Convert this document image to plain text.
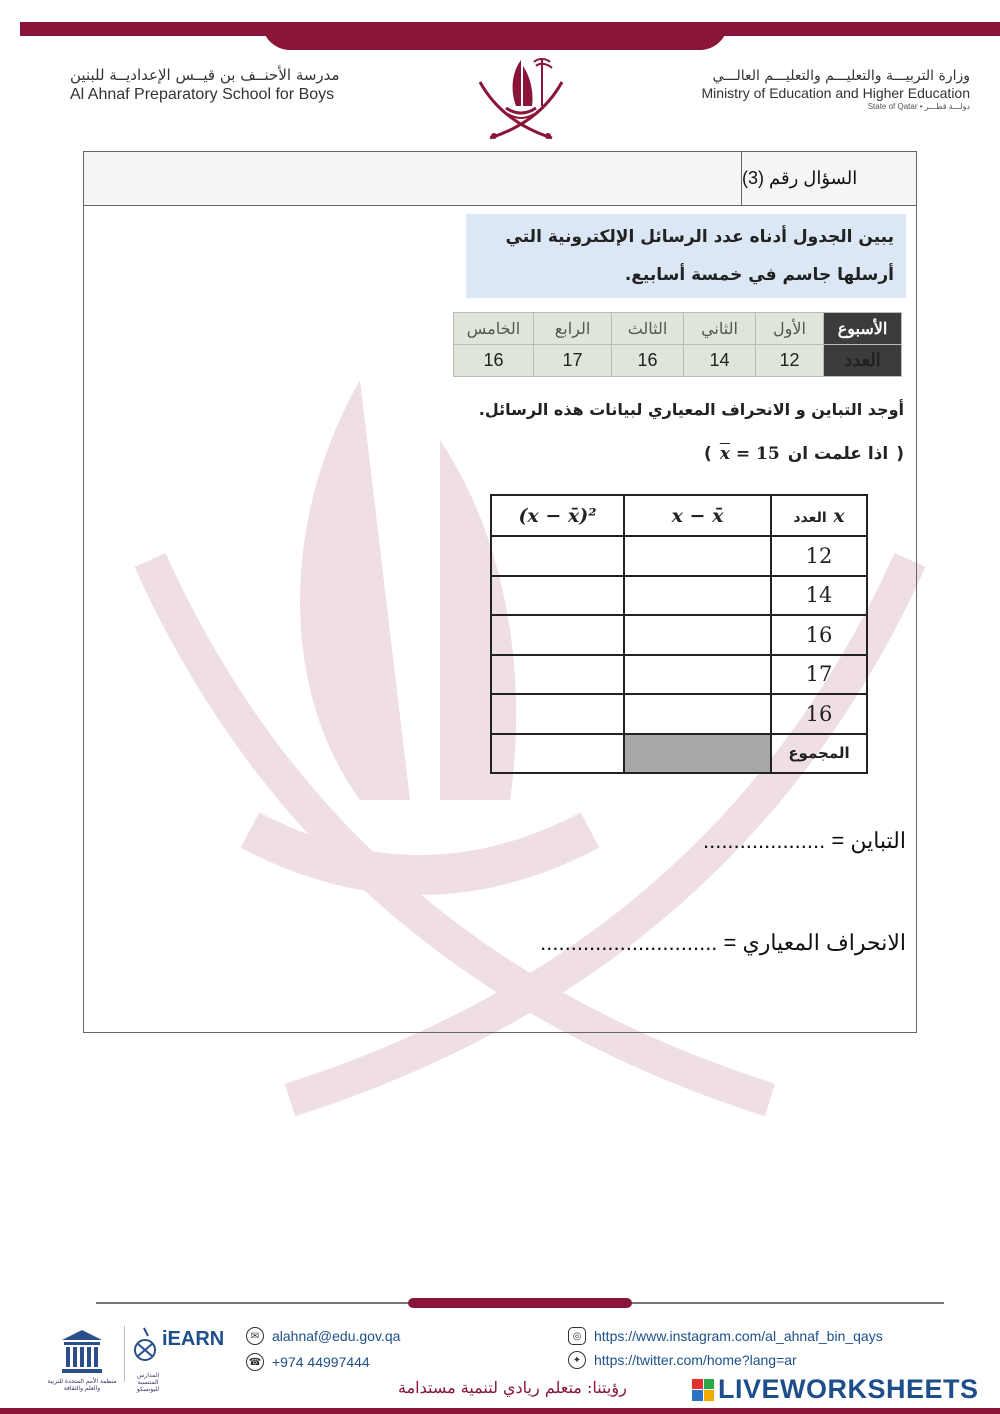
مدرسة الأحنــف بن قيــس الإعداديــة للبنين
Al Ahnaf Preparatory School for Boys
وزارة التربيـــة والتعليـــم والتعليـــم العالـــي
Ministry of Education and Higher Education
State of Qatar • دولـــة قطـــر
السؤال رقم (3)
يبين الجدول أدناه عدد الرسائل الإلكترونية التي
أرسلها جاسم في خمسة أسابيع.
الأسبوع	الأول	الثاني	الثالث	الرابع	الخامس
العدد	12	14	16	17	16
أوجد التباين و الانحراف المعياري لبيانات هذه الرسائل.
( $\overline{x} = 15$ اذا علمت ان )
(x − x̄)²	x − x̄	العدد x
		12
		14
		16
		17
		16
		المجموع
التباين = ....................
الانحراف المعياري = .............................
منظمة الأمم المتحدة للتربية والعلم والثقافة
المدارس المنتسبة لليونسكو
iEARN	✉ alahnaf@edu.gov.qa
☎ +974 44997444
◎ https://www.instagram.com/al_ahnaf_bin_qays
✦ https://twitter.com/home?lang=ar
رؤيتنا: متعلم ريادي لتنمية مستدامة	LIVEWORKSHEETS
